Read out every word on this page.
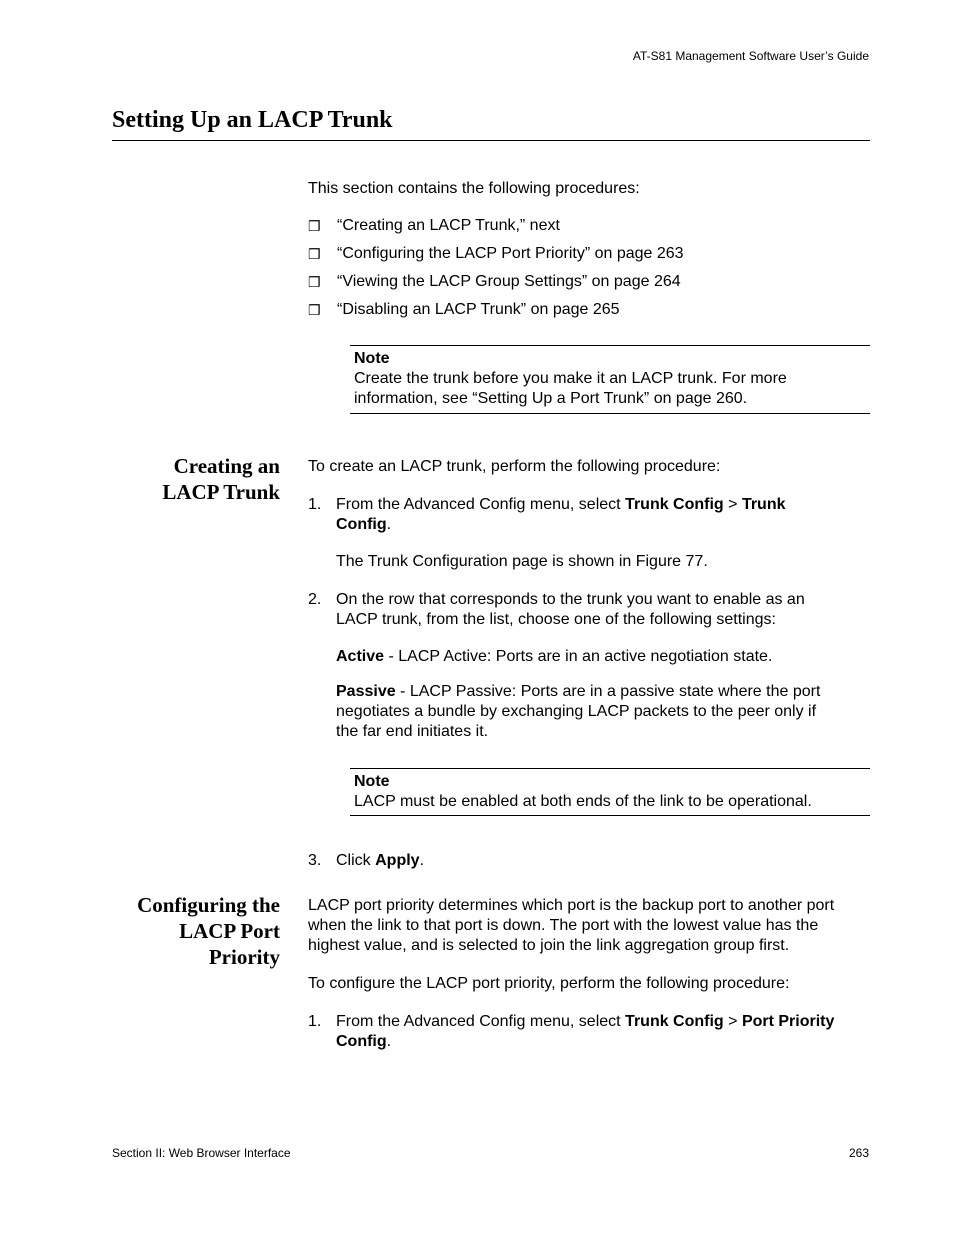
AT-S81 Management Software User’s Guide
Setting Up an LACP Trunk
This section contains the following procedures:
❒ “Creating an LACP Trunk,” next
❒ “Configuring the LACP Port Priority” on page 263
❒ “Viewing the LACP Group Settings” on page 264
❒ “Disabling an LACP Trunk” on page 265
Note
Create the trunk before you make it an LACP trunk. For more
information, see “Setting Up a Port Trunk” on page 260.
Creating an
LACP Trunk
To create an LACP trunk, perform the following procedure:
1. From the Advanced Config menu, select Trunk Config > Trunk
Config.
The Trunk Configuration page is shown in Figure 77.
2. On the row that corresponds to the trunk you want to enable as an
LACP trunk, from the list, choose one of the following settings:
Active - LACP Active: Ports are in an active negotiation state.
Passive - LACP Passive: Ports are in a passive state where the port
negotiates a bundle by exchanging LACP packets to the peer only if
the far end initiates it.
Note
LACP must be enabled at both ends of the link to be operational.
3. Click Apply.
Configuring the
LACP Port
Priority
LACP port priority determines which port is the backup port to another port
when the link to that port is down. The port with the lowest value has the
highest value, and is selected to join the link aggregation group first.
To configure the LACP port priority, perform the following procedure:
1. From the Advanced Config menu, select Trunk Config > Port Priority
Config.
Section II: Web Browser Interface	263
